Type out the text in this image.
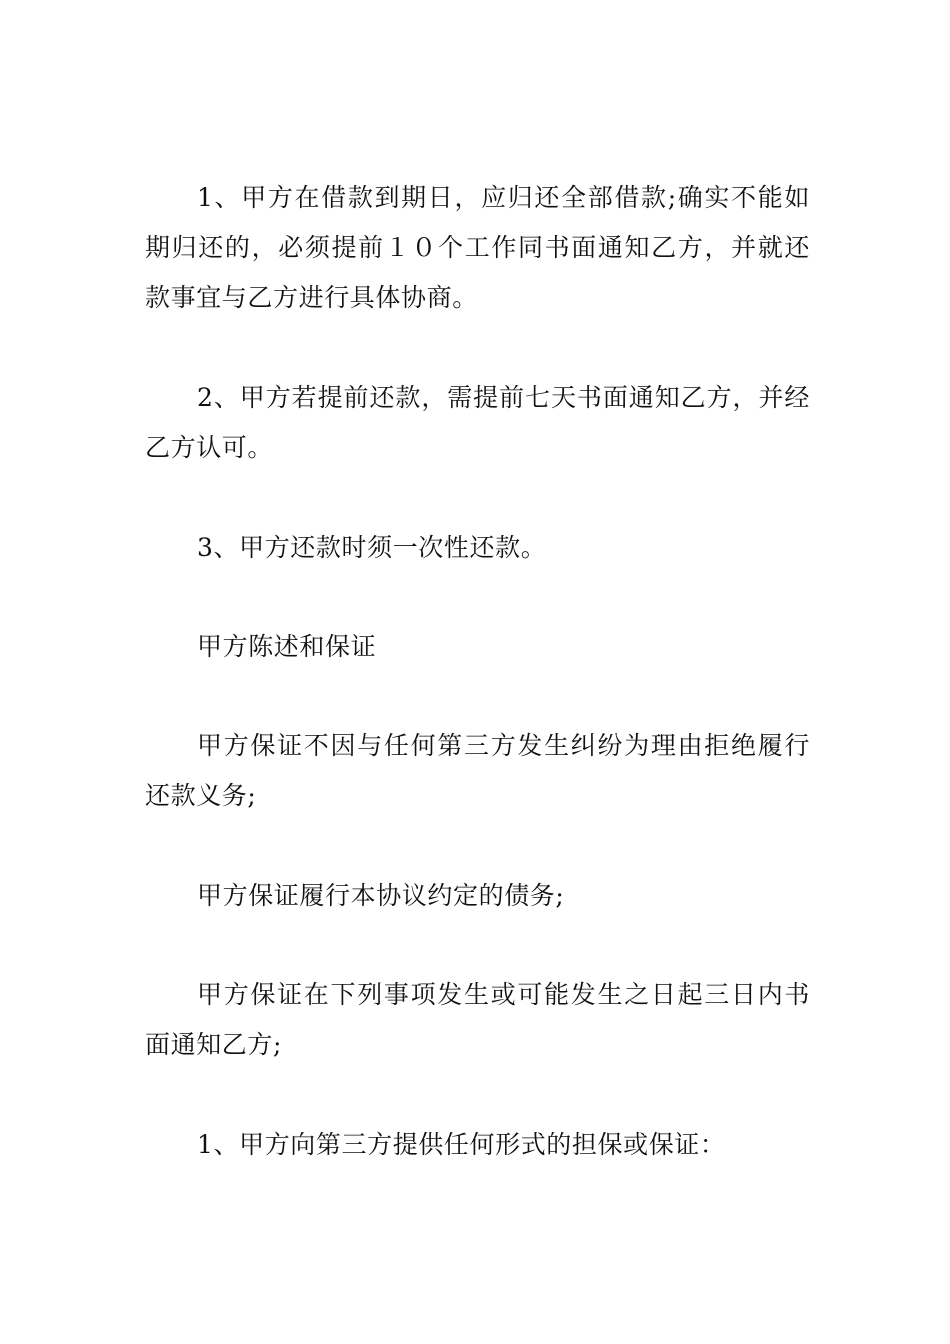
1、甲方在借款到期日，应归还全部借款;确实不能如期归还的，必须提前１０个工作同书面通知乙方，并就还款事宜与乙方进行具体协商。

2、甲方若提前还款，需提前七天书面通知乙方，并经乙方认可。

3、甲方还款时须一次性还款。

甲方陈述和保证

甲方保证不因与任何第三方发生纠纷为理由拒绝履行还款义务;

甲方保证履行本协议约定的债务;

甲方保证在下列事项发生或可能发生之日起三日内书面通知乙方;

1、甲方向第三方提供任何形式的担保或保证：
